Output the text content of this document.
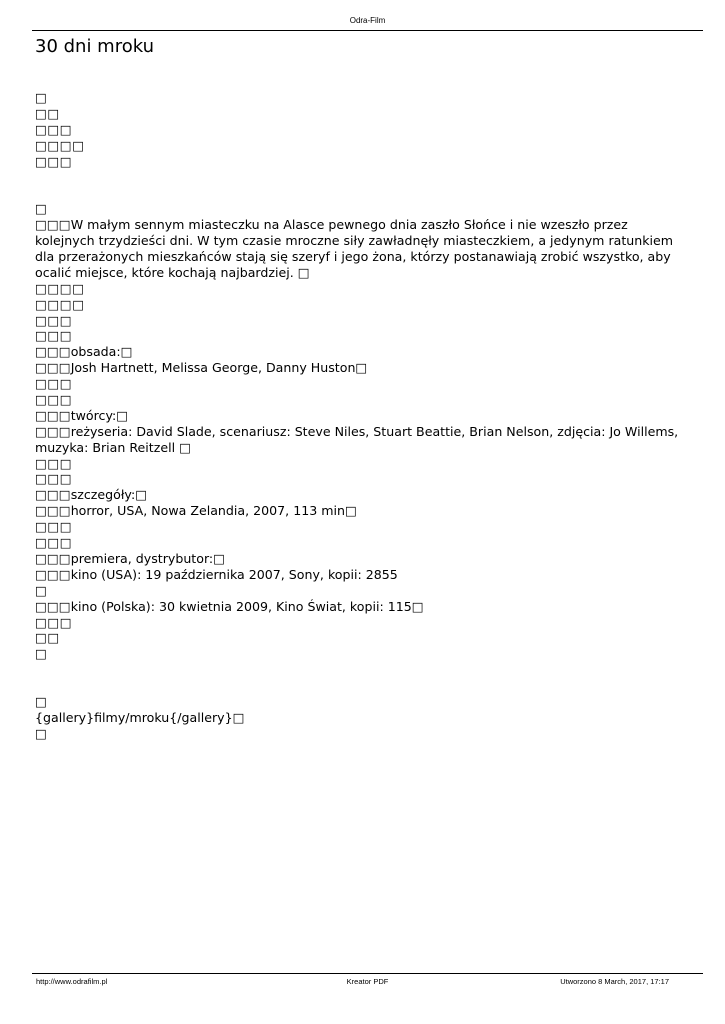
Odra-Film
30 dni mroku
□
□□
□□□
□□□□
□□□
□
□□□W małym sennym miasteczku na Alasce pewnego dnia zaszło Słońce i nie wzeszło przez kolejnych trzydzieści dni. W tym czasie mroczne siły zawładnęły miasteczkiem, a jedynym ratunkiem dla przerażonych mieszkańców stają się szeryf i jego żona, którzy postanawiają zrobić wszystko, aby ocalić miejsce, które kochają najbardziej. □
□□□□
□□□□
□□□
□□□
□□□obsada:□
□□□Josh Hartnett, Melissa George, Danny Huston□
□□□
□□□
□□□twórcy:□
□□□reżyseria: David Slade, scenariusz: Steve Niles, Stuart Beattie, Brian Nelson, zdjęcia: Jo Willems, muzyka: Brian Reitzell □
□□□
□□□
□□□szczegóły:□
□□□horror, USA, Nowa Zelandia, 2007, 113 min□
□□□
□□□
□□□premiera, dystrybutor:□
□□□kino (USA): 19 października 2007, Sony, kopii: 2855
□
□□□kino (Polska): 30 kwietnia 2009, Kino Świat, kopii: 115□
□□□
□□
□
□
{gallery}filmy/mroku{/gallery}□
□
http://www.odrafilm.pl	Kreator PDF	Utworzono 8 March, 2017, 17:17
